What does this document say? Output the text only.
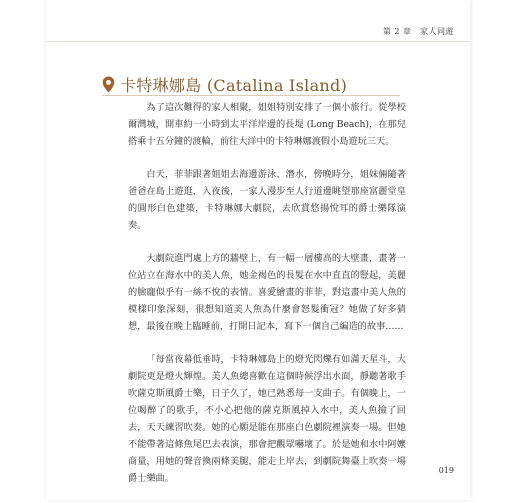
第 2 章　家人同遊
卡特琳娜島 (Catalina Island)

為了這次難得的家人相聚，姐姐特別安排了一個小旅行。從學校爾灣城，開車約一小時到太平洋岸邊的長堤 (Long Beach)，在那兒搭乘十五分鐘的渡輪，前往大洋中的卡特琳娜渡假小島遊玩三天。

白天，菲菲跟著姐姐去海邊游泳、潛水，傍晚時分，姐妹倆隨著爸爸在島上遊逛，入夜後，一家人漫步至人行道邊眺望那座富麗堂皇的圓形白色建築，卡特琳娜大劇院，去欣賞悠揚悅耳的爵士樂隊演奏。

大劇院進門處上方的牆壁上，有一幅一層樓高的大壁畫，畫著一位站立在海水中的美人魚，她金褐色的長髮在水中直直的豎起，美麗的臉龐似乎有一絲不悅的表情。喜愛繪畫的菲菲，對這畫中美人魚的模樣印象深刻，很想知道美人魚為什麼會怒髮衝冠？她做了好多猜想，最後在晚上臨睡前，打開日記本，寫下一個自己編造的故事……

「每當夜幕低垂時，卡特琳娜島上的燈光閃爍有如滿天星斗，大劇院更是燈火輝煌。美人魚總喜歡在這個時候浮出水面，靜聽著歌手吹薩克斯風爵士樂，日子久了，她已熟悉每一支曲子。有個晚上，一位喝醉了的歌手，不小心把他的薩克斯風掉入水中，美人魚撿了回去，天天練習吹奏。她的心願是能在那座白色劇院裡演奏一場。但她不能帶著這條魚尾巴去表演，那會把觀眾嚇壞了。於是她和水中阿嬤商量，用她的聲音換兩條美腿，能走上岸去，到劇院舞臺上吹奏一場爵士樂曲。

019
